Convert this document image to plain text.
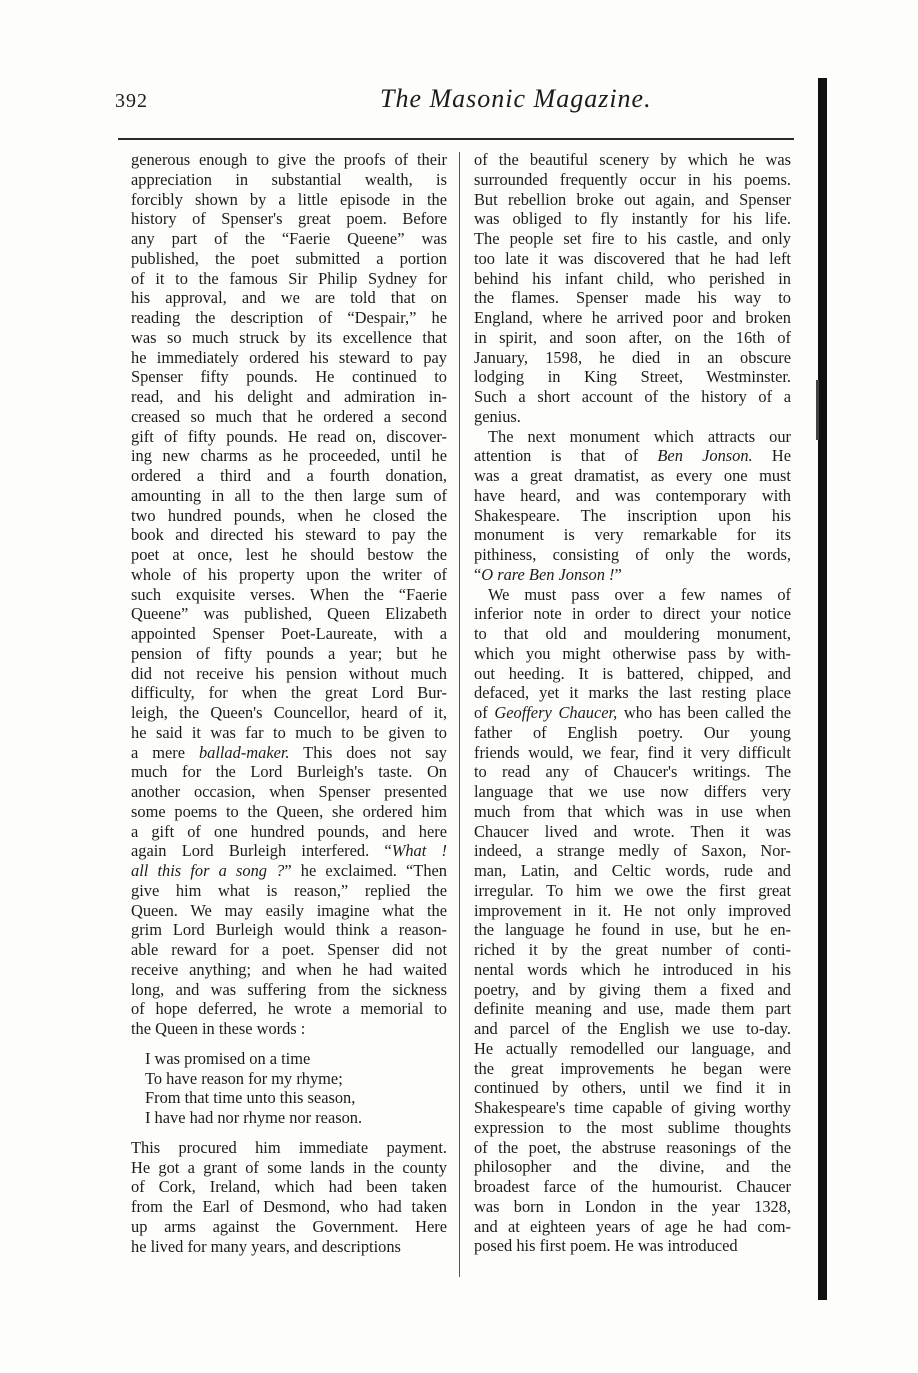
392	The Masonic Magazine.
generous enough to give the proofs of their
appreciation in substantial wealth, is
forcibly shown by a little episode in the
history of Spenser's great poem. Before
any part of the “Faerie Queene” was
published, the poet submitted a portion
of it to the famous Sir Philip Sydney for
his approval, and we are told that on
reading the description of “Despair,” he
was so much struck by its excellence that
he immediately ordered his steward to pay
Spenser fifty pounds. He continued to
read, and his delight and admiration in-
creased so much that he ordered a second
gift of fifty pounds. He read on, discover-
ing new charms as he proceeded, until he
ordered a third and a fourth donation,
amounting in all to the then large sum of
two hundred pounds, when he closed the
book and directed his steward to pay the
poet at once, lest he should bestow the
whole of his property upon the writer of
such exquisite verses. When the “Faerie
Queene” was published, Queen Elizabeth
appointed Spenser Poet-Laureate, with a
pension of fifty pounds a year; but he
did not receive his pension without much
difficulty, for when the great Lord Bur-
leigh, the Queen's Councellor, heard of it,
he said it was far to much to be given to
a mere ballad-maker. This does not say
much for the Lord Burleigh's taste. On
another occasion, when Spenser presented
some poems to the Queen, she ordered him
a gift of one hundred pounds, and here
again Lord Burleigh interfered. “What !
all this for a song ?” he exclaimed. “Then
give him what is reason,” replied the
Queen. We may easily imagine what the
grim Lord Burleigh would think a reason-
able reward for a poet. Spenser did not
receive anything; and when he had waited
long, and was suffering from the sickness
of hope deferred, he wrote a memorial to
the Queen in these words :
I was promised on a time
To have reason for my rhyme;
From that time unto this season,
I have had nor rhyme nor reason.
This procured him immediate payment.
He got a grant of some lands in the county
of Cork, Ireland, which had been taken
from the Earl of Desmond, who had taken
up arms against the Government. Here
he lived for many years, and descriptions
of the beautiful scenery by which he was
surrounded frequently occur in his poems.
But rebellion broke out again, and Spenser
was obliged to fly instantly for his life.
The people set fire to his castle, and only
too late it was discovered that he had left
behind his infant child, who perished in
the flames. Spenser made his way to
England, where he arrived poor and broken
in spirit, and soon after, on the 16th of
January, 1598, he died in an obscure
lodging in King Street, Westminster.
Such a short account of the history of a
genius.
The next monument which attracts our
attention is that of Ben Jonson. He
was a great dramatist, as every one must
have heard, and was contemporary with
Shakespeare. The inscription upon his
monument is very remarkable for its
pithiness, consisting of only the words,
“O rare Ben Jonson !”
We must pass over a few names of
inferior note in order to direct your notice
to that old and mouldering monument,
which you might otherwise pass by with-
out heeding. It is battered, chipped, and
defaced, yet it marks the last resting place
of Geoffery Chaucer, who has been called the
father of English poetry. Our young
friends would, we fear, find it very difficult
to read any of Chaucer's writings. The
language that we use now differs very
much from that which was in use when
Chaucer lived and wrote. Then it was
indeed, a strange medly of Saxon, Nor-
man, Latin, and Celtic words, rude and
irregular. To him we owe the first great
improvement in it. He not only improved
the language he found in use, but he en-
riched it by the great number of conti-
nental words which he introduced in his
poetry, and by giving them a fixed and
definite meaning and use, made them part
and parcel of the English we use to-day.
He actually remodelled our language, and
the great improvements he began were
continued by others, until we find it in
Shakespeare's time capable of giving worthy
expression to the most sublime thoughts
of the poet, the abstruse reasonings of the
philosopher and the divine, and the
broadest farce of the humourist. Chaucer
was born in London in the year 1328,
and at eighteen years of age he had com-
posed his first poem. He was introduced
